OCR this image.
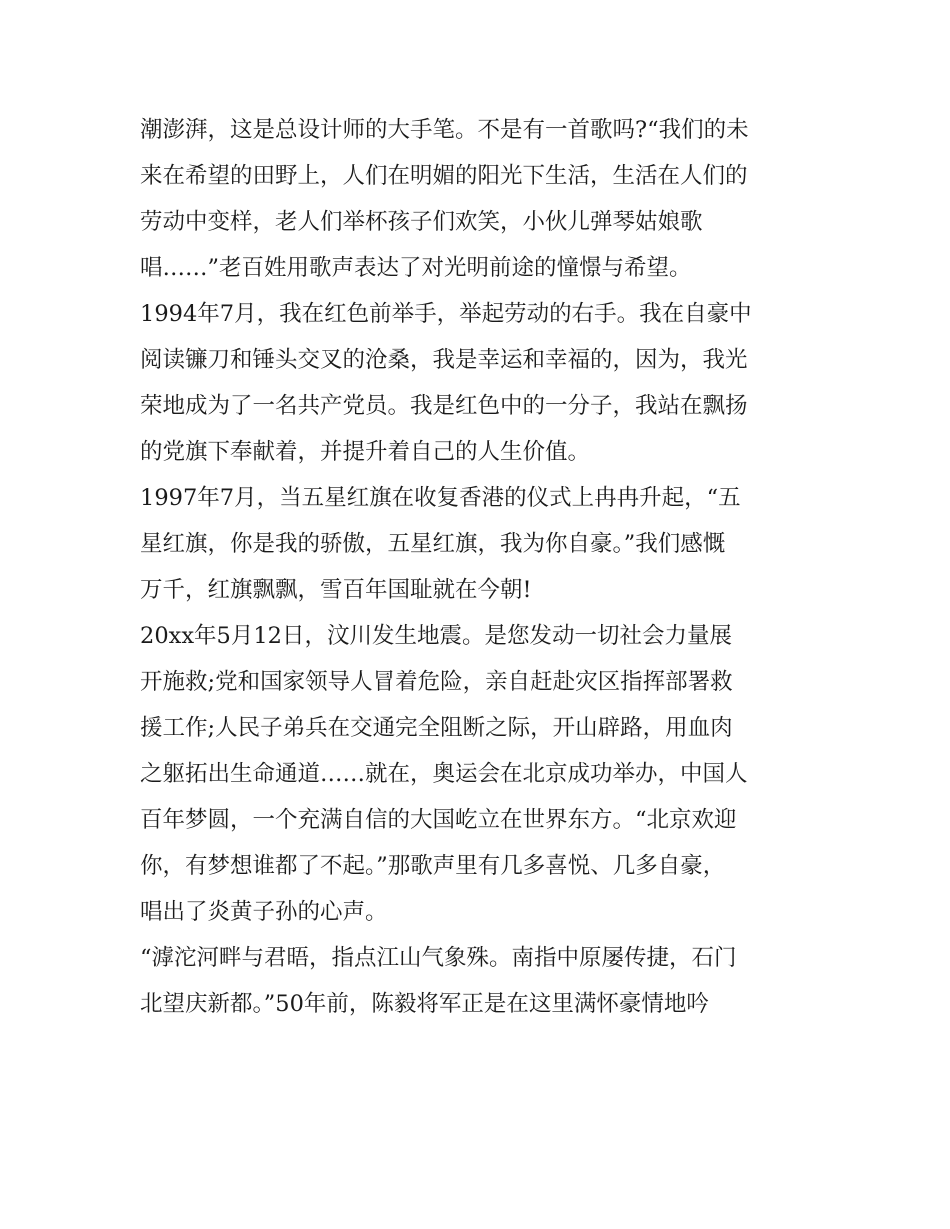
潮澎湃，这是总设计师的大手笔。不是有一首歌吗?“我们的未
来在希望的田野上，人们在明媚的阳光下生活，生活在人们的
劳动中变样，老人们举杯孩子们欢笑，小伙儿弹琴姑娘歌
唱……”老百姓用歌声表达了对光明前途的憧憬与希望。
1994年7月，我在红色前举手，举起劳动的右手。我在自豪中
阅读镰刀和锤头交叉的沧桑，我是幸运和幸福的，因为，我光
荣地成为了一名共产党员。我是红色中的一分子，我站在飘扬
的党旗下奉献着，并提升着自己的人生价值。
1997年7月，当五星红旗在收复香港的仪式上冉冉升起，“五
星红旗，你是我的骄傲，五星红旗，我为你自豪。”我们感慨
万千，红旗飘飘，雪百年国耻就在今朝!
20xx年5月12日，汶川发生地震。是您发动一切社会力量展
开施救;党和国家领导人冒着危险，亲自赶赴灾区指挥部署救
援工作;人民子弟兵在交通完全阻断之际，开山辟路，用血肉
之躯拓出生命通道……就在，奥运会在北京成功举办，中国人
百年梦圆，一个充满自信的大国屹立在世界东方。“北京欢迎
你，有梦想谁都了不起。”那歌声里有几多喜悦、几多自豪，
唱出了炎黄子孙的心声。
“滹沱河畔与君晤，指点江山气象殊。南指中原屡传捷，石门
北望庆新都。”50年前，陈毅将军正是在这里满怀豪情地吟
